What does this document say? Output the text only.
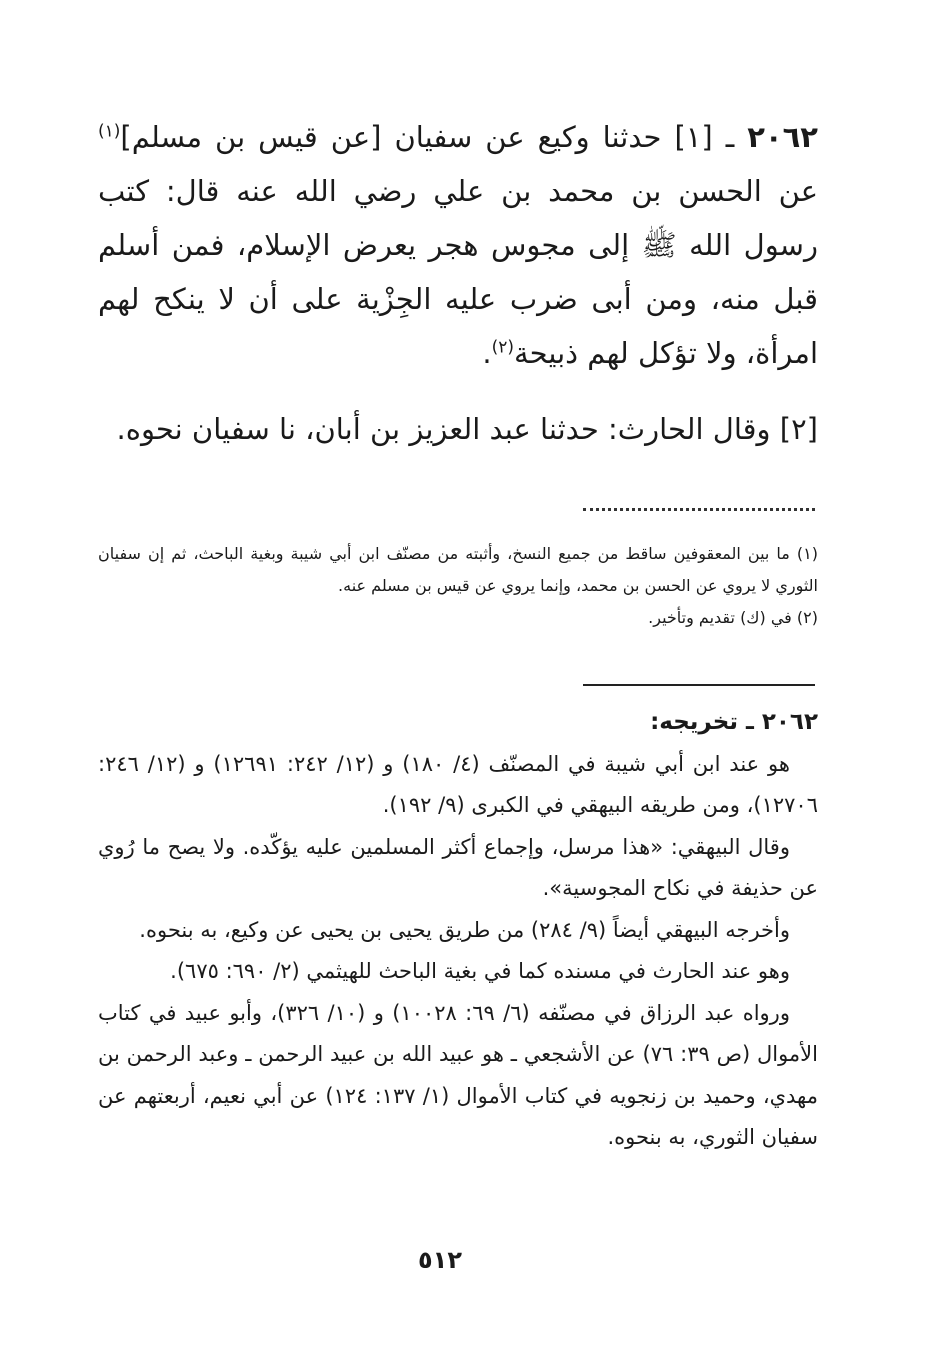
٢٠٦٢ ـ [١] حدثنا وكيع عن سفيان [عن قيس بن مسلم]$^{(١)}$ عن الحسن بن محمد بن علي رضي الله عنه قال: كتب رسول الله ﷺ إلى مجوس هجر يعرض الإسلام، فمن أسلم قبل منه، ومن أبى ضرب عليه الجِزْية على أن لا ينكح لهم امرأة، ولا تؤكل لهم ذبيحة$^{(٢)}$.

[٢] وقال الحارث: حدثنا عبد العزيز بن أبان، نا سفيان نحوه.

(١) ما بين المعقوفين ساقط من جميع النسخ، وأثبته من مصنّف ابن أبي شيبة وبغية الباحث، ثم إن سفيان الثوري لا يروي عن الحسن بن محمد، وإنما يروي عن قيس بن مسلم عنه.

(٢) في (ك) تقديم وتأخير.

٢٠٦٢ ـ تخريجه:

هو عند ابن أبي شيبة في المصنّف (٤/ ١٨٠) و (١٢/ ٢٤٢: ١٢٦٩١) و (١٢/ ٢٤٦: ١٢٧٠٦)، ومن طريقه البيهقي في الكبرى (٩/ ١٩٢).

وقال البيهقي: «هذا مرسل، وإجماع أكثر المسلمين عليه يؤكّده. ولا يصح ما رُوي عن حذيفة في نكاح المجوسية».

وأخرجه البيهقي أيضاً (٩/ ٢٨٤) من طريق يحيى بن يحيى عن وكيع، به بنحوه.

وهو عند الحارث في مسنده كما في بغية الباحث للهيثمي (٢/ ٦٩٠: ٦٧٥).

ورواه عبد الرزاق في مصنّفه (٦/ ٦٩: ١٠٠٢٨) و (١٠/ ٣٢٦)، وأبو عبيد في كتاب الأموال (ص ٣٩: ٧٦) عن الأشجعي ـ هو عبيد الله بن عبيد الرحمن ـ وعبد الرحمن بن مهدي، وحميد بن زنجويه في كتاب الأموال (١/ ١٣٧: ١٢٤) عن أبي نعيم، أربعتهم عن سفيان الثوري، به بنحوه.

٥١٢
